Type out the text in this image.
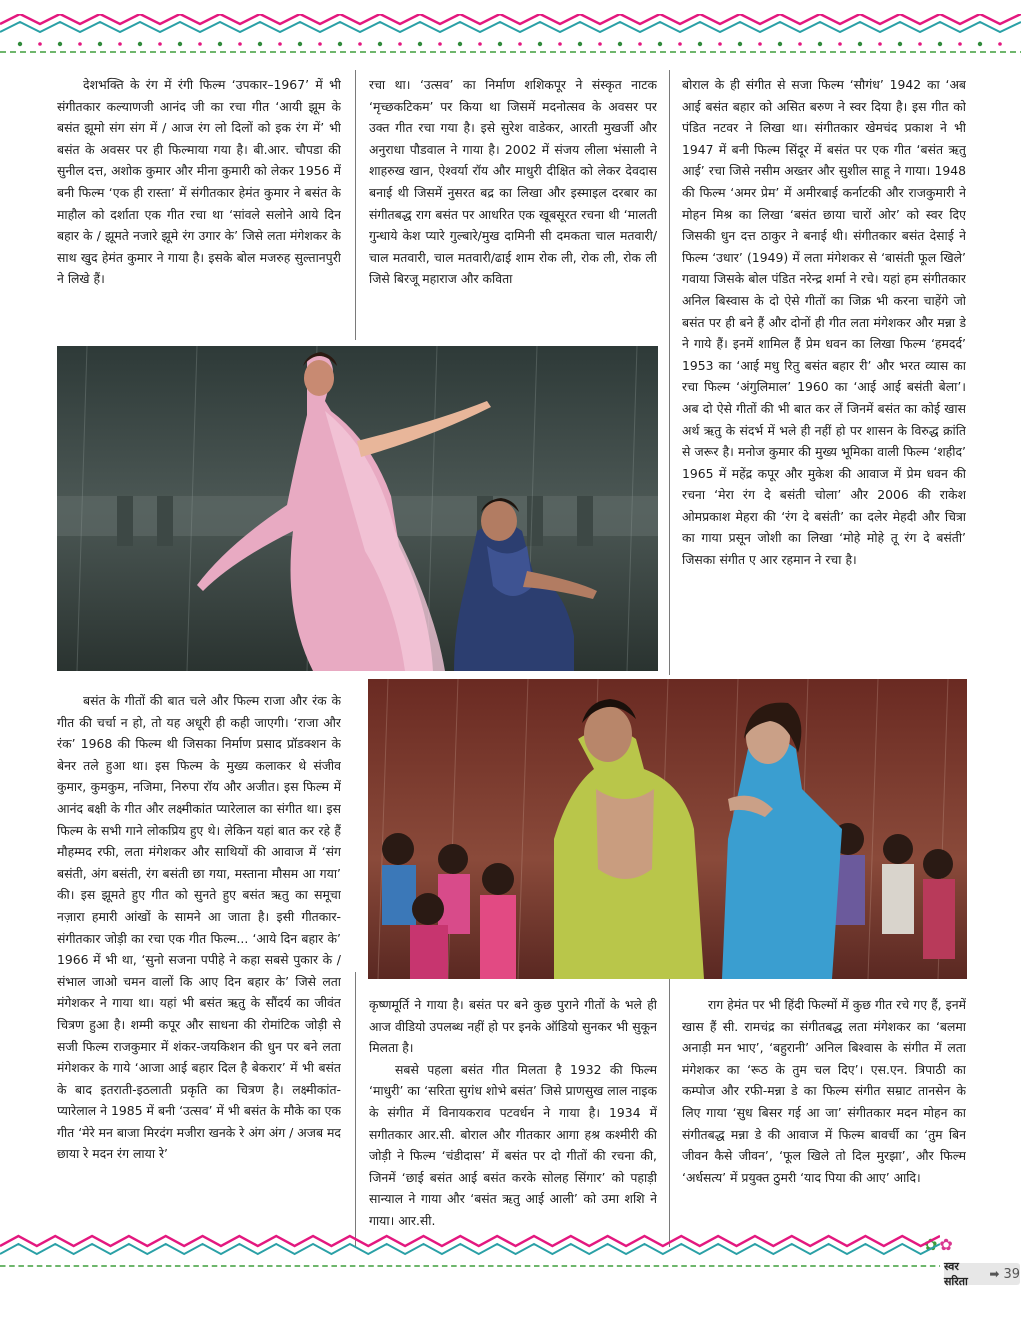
देशभक्ति के रंग में रंगी फिल्म ‘उपकार–1967’ में भी संगीतकार कल्याणजी आनंद जी का रचा गीत ‘आयी झूम के बसंत झूमो संग संग में / आज रंग लो दिलों को इक रंग में’ भी बसंत के अवसर पर ही फिल्माया गया है। बी.आर. चौपडा की सुनील दत्त, अशोक कुमार और मीना कुमारी को लेकर 1956 में बनी फिल्म ‘एक ही रास्ता’ में संगीतकार हेमंत कुमार ने बसंत के माहौल को दर्शाता एक गीत रचा था ‘सांवले सलोने आये दिन बहार के / झूमते नजारे झूमे रंग उगार के’ जिसे लता मंगेशकर के साथ खुद हेमंत कुमार ने गाया है। इसके बोल मजरुह सुल्तानपुरी ने लिखे हैं।

रचा था। ‘उत्सव’ का निर्माण शशिकपूर ने संस्कृत नाटक ‘मृच्छकटिकम’ पर किया था जिसमें मदनोत्सव के अवसर पर उक्त गीत रचा गया है। इसे सुरेश वाडेकर, आरती मुखर्जी और अनुराधा पौडवाल ने गाया है। 2002 में संजय लीला भंसाली ने शाहरुख खान, ऐश्वर्या रॉय और माधुरी दीक्षित को लेकर देवदास बनाई थी जिसमें नुसरत बद्र का लिखा और इस्माइल दरबार का संगीतबद्ध राग बसंत पर आधरित एक खूबसूरत रचना थी ‘मालती गुन्धाये केश प्यारे गुल्बारे/मुख दामिनी सी दमकता चाल मतवारी/चाल मतवारी, चाल मतवारी/ढाई शाम रोक ली, रोक ली, रोक ली जिसे बिरजू महाराज और कविता

बोराल के ही संगीत से सजा फिल्म ‘सौगंध’ 1942 का ‘अब आई बसंत बहार को असित बरुण ने स्वर दिया है। इस गीत को पंडित नटवर ने लिखा था। संगीतकार खेमचंद प्रकाश ने भी 1947 में बनी फिल्म सिंदूर में बसंत पर एक गीत ‘बसंत ऋतु आई’ रचा जिसे नसीम अख्तर और सुशील साहू ने गाया। 1948 की फिल्म ‘अमर प्रेम’ में अमीरबाई कर्नाटकी और राजकुमारी ने मोहन मिश्र का लिखा ‘बसंत छाया चारों ओर’ को स्वर दिए जिसकी धुन दत्त ठाकुर ने बनाई थी। संगीतकार बसंत देसाई ने फिल्म ‘उधार’ (1949) में लता मंगेशकर से ‘बासंती फूल खिले’ गवाया जिसके बोल पंडित नरेन्द्र शर्मा ने रचे। यहां हम संगीतकार अनिल बिस्वास के दो ऐसे गीतों का जिक्र भी करना चाहेंगे जो बसंत पर ही बने हैं और दोनों ही गीत लता मंगेशकर और मन्ना डे ने गाये हैं। इनमें शामिल हैं प्रेम धवन का लिखा फिल्म ‘हमदर्द’ 1953 का ‘आई मधु रितु बसंत बहार री’ और भरत व्यास का रचा फिल्म ‘अंगुलिमाल’ 1960 का ‘आई आई बसंती बेला’। अब दो ऐसे गीतों की भी बात कर लें जिनमें बसंत का कोई खास अर्थ ऋतु के संदर्भ में भले ही नहीं हो पर शासन के विरुद्ध क्रांति से जरूर है। मनोज कुमार की मुख्य भूमिका वाली फिल्म ‘शहीद’ 1965 में महेंद्र कपूर और मुकेश की आवाज में प्रेम धवन की रचना ‘मेरा रंग दे बसंती चोला’ और 2006 की राकेश ओमप्रकाश मेहरा की ‘रंग दे बसंती’ का दलेर मेहदी और चित्रा का गाया प्रसून जोशी का लिखा ‘मोहे मोहे तू रंग दे बसंती’ जिसका संगीत ए आर रहमान ने रचा है।

बसंत के गीतों की बात चले और फिल्म राजा और रंक के गीत की चर्चा न हो, तो यह अधूरी ही कही जाएगी। ‘राजा और रंक’ 1968 की फिल्म थी जिसका निर्माण प्रसाद प्रॉडक्शन के बेनर तले हुआ था। इस फिल्म के मुख्य कलाकर थे संजीव कुमार, कुमकुम, नजिमा, निरुपा रॉय और अजीत। इस फिल्म में आनंद बक्षी के गीत और लक्ष्मीकांत प्यारेलाल का संगीत था। इस फिल्म के सभी गाने लोकप्रिय हुए थे। लेकिन यहां बात कर रहे हैं मौहम्मद रफी, लता मंगेशकर और साथियों की आवाज में ‘संग बसंती, अंग बसंती, रंग बसंती छा गया, मस्ताना मौसम आ गया’ की। इस झूमते हुए गीत को सुनते हुए बसंत ऋतु का समूचा नज़ारा हमारी आंखों के सामने आ जाता है। इसी गीतकार-संगीतकार जोड़ी का रचा एक गीत फिल्म... ‘आये दिन बहार के’ 1966 में भी था, ‘सुनो सजना पपीहे ने कहा सबसे पुकार के / संभाल जाओ चमन वालों कि आए दिन बहार के’ जिसे लता मंगेशकर ने गाया था। यहां भी बसंत ऋतु के सौंदर्य का जीवंत चित्रण हुआ है। शम्मी कपूर और साधना की रोमांटिक जोड़ी से सजी फिल्म राजकुमार में शंकर-जयकिशन की धुन पर बने लता मंगेशकर के गाये ‘आजा आई बहार दिल है बेकरार’ में भी बसंत के बाद इतराती-इठलाती प्रकृति का चित्रण है। लक्ष्मीकांत-प्यारेलाल ने 1985 में बनी ‘उत्सव’ में भी बसंत के मौके का एक गीत ‘मेरे मन बाजा मिरदंग मजीरा खनके रे अंग अंग / अजब मद छाया रे मदन रंग लाया रे’

कृष्णमूर्ति ने गाया है। बसंत पर बने कुछ पुराने गीतों के भले ही आज वीडियो उपलब्ध नहीं हो पर इनके ऑडियो सुनकर भी सुकून मिलता है।

सबसे पहला बसंत गीत मिलता है 1932 की फिल्म ‘माधुरी’ का ‘सरिता सुगंध शोभे बसंत’ जिसे प्राणसुख लाल नाइक के संगीत में विनायकराव पटवर्धन ने गाया है। 1934 में सगीतकार आर.सी. बोराल और गीतकार आगा हश्र कश्मीरी की जोड़ी ने फिल्म ‘चंडीदास’ में बसंत पर दो गीतों की रचना की, जिनमें ‘छाई बसंत आई बसंत करके सोलह सिंगार’ को पहाड़ी सान्याल ने गाया और ‘बसंत ऋतु आई आली’ को उमा शशि ने गाया। आर.सी.

राग हेमंत पर भी हिंदी फिल्मों में कुछ गीत रचे गए हैं, इनमें खास हैं सी. रामचंद्र का संगीतबद्ध लता मंगेशकर का ‘बलमा अनाड़ी मन भाए’, ‘बहुरानी’ अनिल बिश्वास के संगीत में लता मंगेशकर का ‘रूठ के तुम चल दिए’। एस.एन. त्रिपाठी का कम्पोज और रफी-मन्ना डे का फिल्म संगीत सम्राट तानसेन के लिए गाया ‘सुध बिसर गई आ जा’ संगीतकार मदन मोहन का संगीतबद्ध मन्ना डे की आवाज में फिल्म बावर्ची का ‘तुम बिन जीवन कैसे जीवन’, ‘फूल खिले तो दिल मुरझा’, और फिल्म ‘अर्धसत्य’ में प्रयुक्त ठुमरी ‘याद पिया की आए’ आदि।

✿✿
स्वर सरिता
➡ 39
